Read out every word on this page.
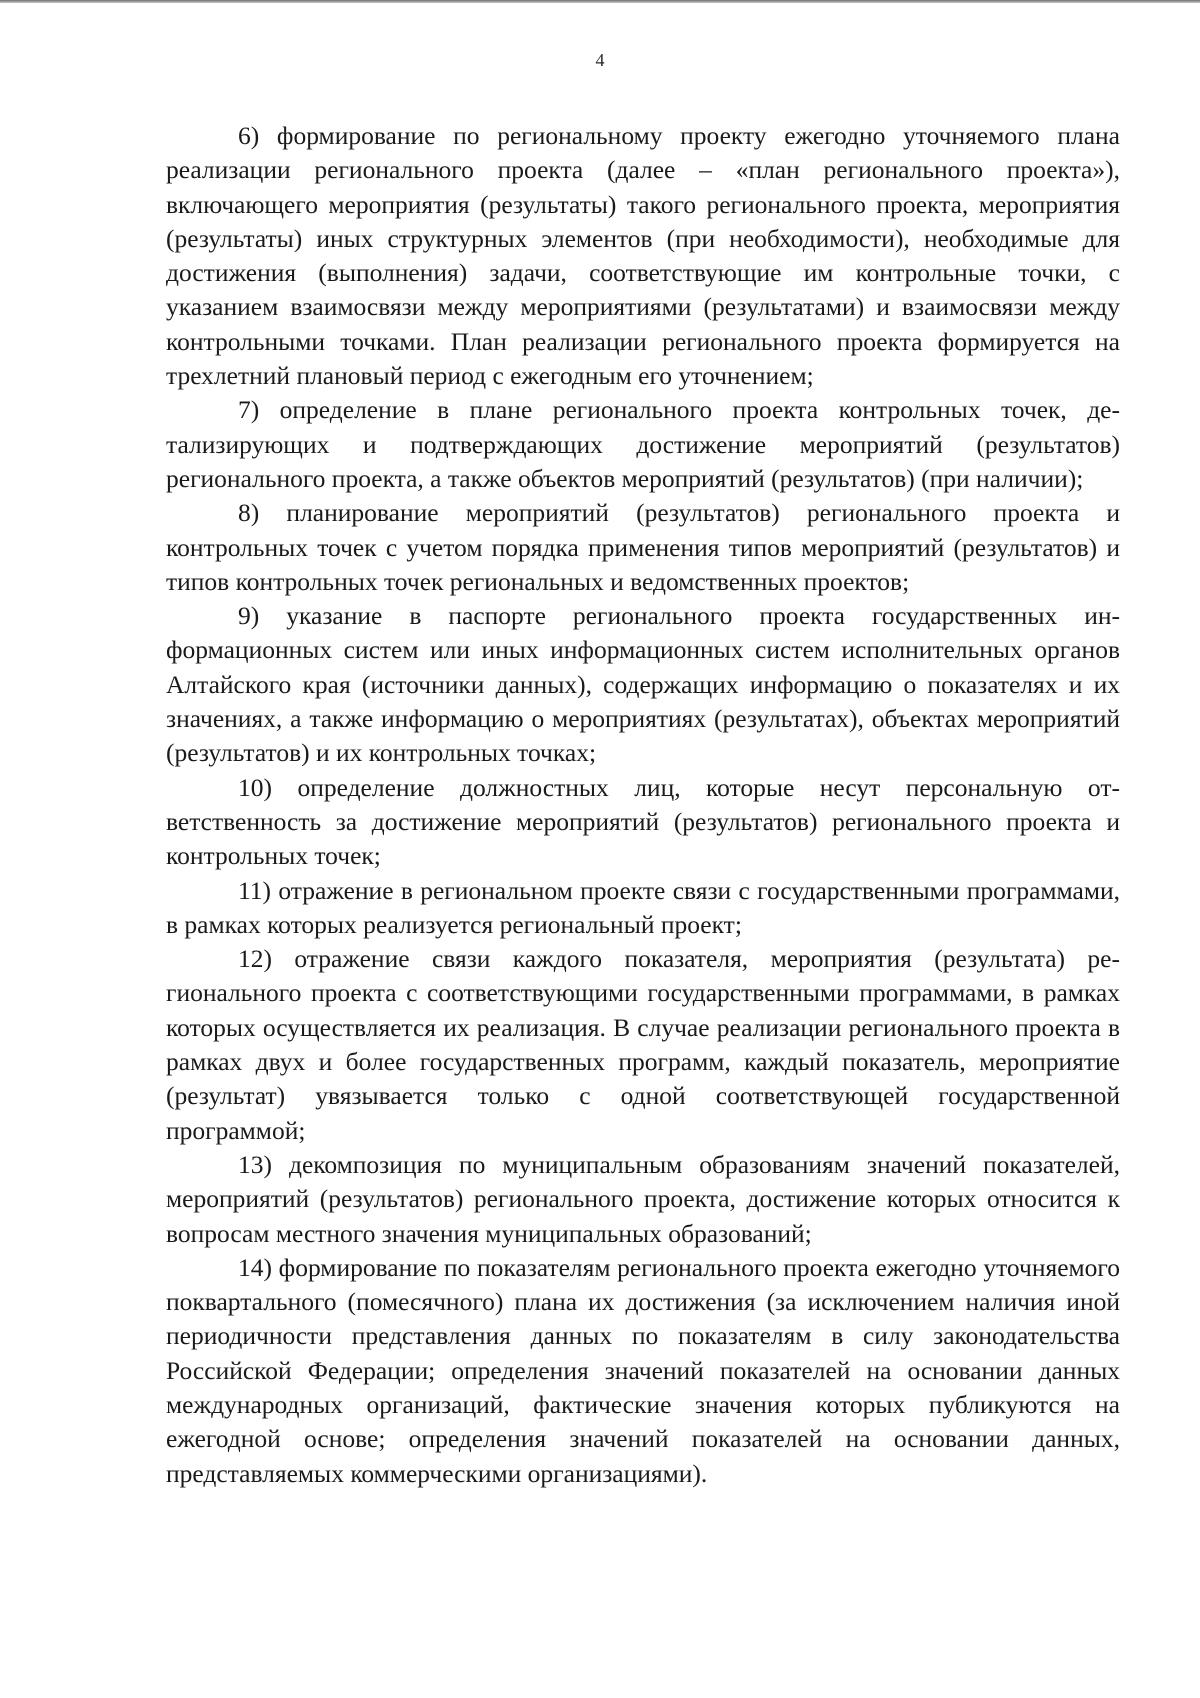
4

6) формирование по региональному проекту ежегодно уточняемого плана реализации регионального проекта (далее – «план регионального проекта»), включающего мероприятия (результаты) такого регионального проекта, мероприятия (результаты) иных структурных элементов (при необходимости), необходимые для достижения (выполнения) задачи, соответствующие им контрольные точки, с указанием взаимосвязи между мероприятиями (результатами) и взаимосвязи между контрольными точками. План реализации регионального проекта формируется на трехлетний плановый период с ежегодным его уточнением;

7) определение в плане регионального проекта контрольных точек, детализирующих и подтверждающих достижение мероприятий (результатов) регионального проекта, а также объектов мероприятий (результатов) (при наличии);

8) планирование мероприятий (результатов) регионального проекта и контрольных точек с учетом порядка применения типов мероприятий (результатов) и типов контрольных точек региональных и ведомственных проектов;

9) указание в паспорте регионального проекта государственных информационных систем или иных информационных систем исполнительных органов Алтайского края (источники данных), содержащих информацию о показателях и их значениях, а также информацию о мероприятиях (результатах), объектах мероприятий (результатов) и их контрольных точках;

10) определение должностных лиц, которые несут персональную ответственность за достижение мероприятий (результатов) регионального проекта и контрольных точек;

11) отражение в региональном проекте связи с государственными программами, в рамках которых реализуется региональный проект;

12) отражение связи каждого показателя, мероприятия (результата) регионального проекта с соответствующими государственными программами, в рамках которых осуществляется их реализация. В случае реализации регионального проекта в рамках двух и более государственных программ, каждый показатель, мероприятие (результат) увязывается только с одной соответствующей государственной программой;

13) декомпозиция по муниципальным образованиям значений показателей, мероприятий (результатов) регионального проекта, достижение которых относится к вопросам местного значения муниципальных образований;

14) формирование по показателям регионального проекта ежегодно уточняемого поквартального (помесячного) плана их достижения (за исключением наличия иной периодичности представления данных по показателям в силу законодательства Российской Федерации; определения значений показателей на основании данных международных организаций, фактические значения которых публикуются на ежегодной основе; определения значений показателей на основании данных, представляемых коммерческими организациями).
